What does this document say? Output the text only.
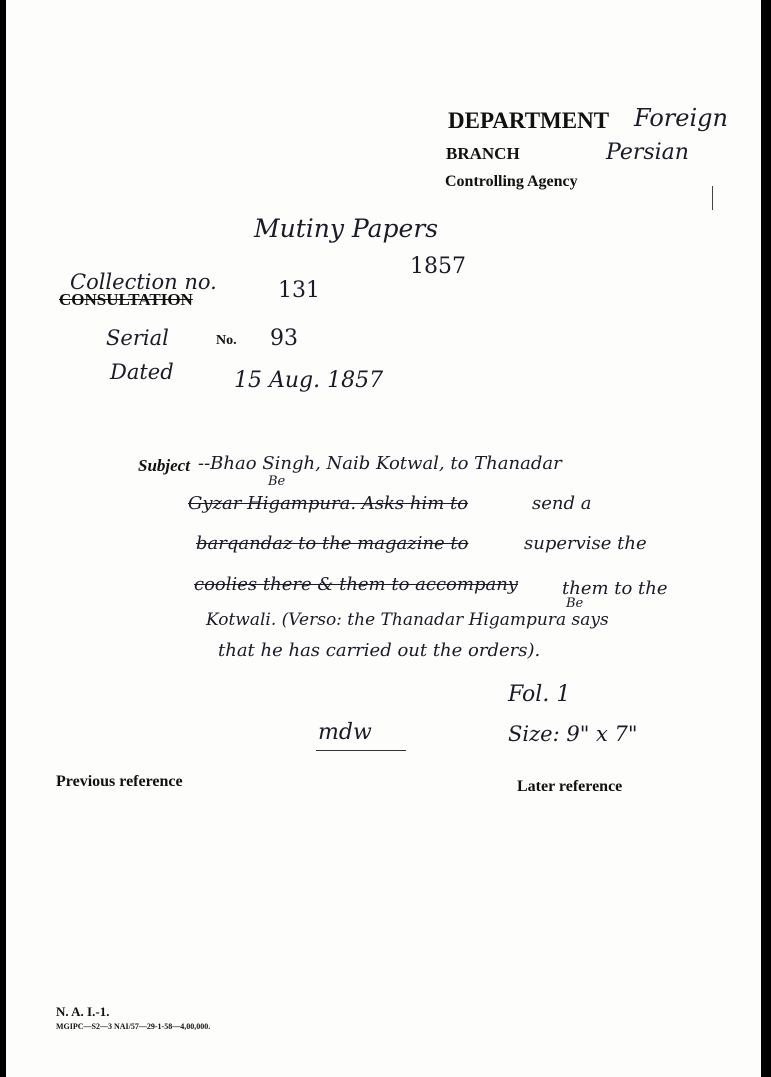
DEPARTMENT Foreign
BRANCH	Persian
Controlling Agency
Mutiny Papers
1857
Collection no.
CONSULTATION	131
Serial	No. 93
Dated	15 Aug. 1857
Subject --Bhao Singh, Naib Kotwal, to Thanadar
Be
Gyzar Higampura. Asks him to	send a
barqandaz to the magazine to	supervise the
coolies there & them to accompany them to the
Be
Kotwali. (Verso: the Thanadar Higampura says
that he has carried out the orders).
Fol. 1
Size: 9" x 7"
mdw
Previous reference	Later reference
N. A. I.-1.
MGIPC—S2—3 NAI/57—29-1-58—4,00,000.
